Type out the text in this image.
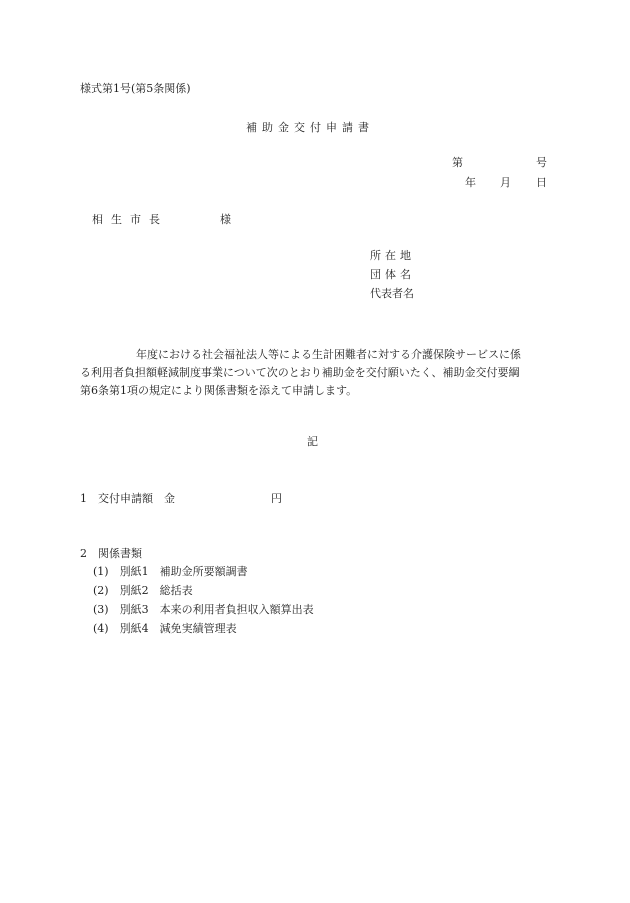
様式第1号(第5条関係)
補助金交付申請書
第	号
年 月 日
相生市長	様
所在地
団体名
代表者名

年度における社会福祉法人等による生計困難者に対する介護保険サービスに係

る利用者負担額軽減制度事業について次のとおり補助金を交付願いたく、補助金交付要綱

第6条第1項の規定により関係書類を添えて申請します。

記
1　交付申請額　金	円
2　関係書類
(1)　別紙1　補助金所要額調書
(2)　別紙2　総括表
(3)　別紙3　本来の利用者負担収入額算出表
(4)　別紙4　減免実績管理表
